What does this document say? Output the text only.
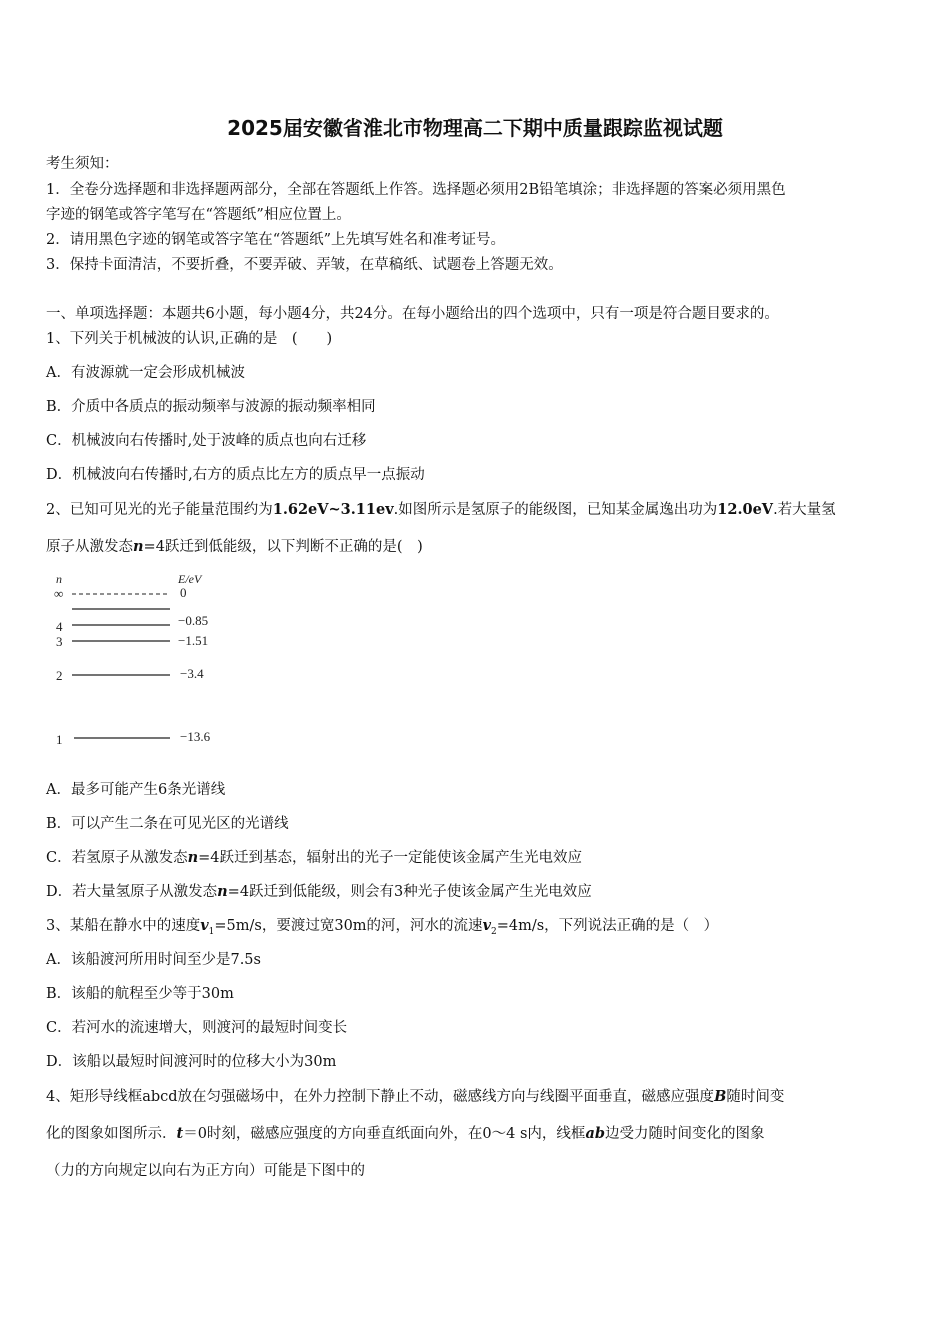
2025届安徽省淮北市物理高二下期中质量跟踪监视试题
考生须知：
1．全卷分选择题和非选择题两部分，全部在答题纸上作答。选择题必须用2B铅笔填涂；非选择题的答案必须用黑色
字迹的钢笔或答字笔写在“答题纸”相应位置上。
2．请用黑色字迹的钢笔或答字笔在“答题纸”上先填写姓名和准考证号。
3．保持卡面清洁，不要折叠，不要弄破、弄皱，在草稿纸、试题卷上答题无效。
一、单项选择题：本题共6小题，每小题4分，共24分。在每小题给出的四个选项中，只有一项是符合题目要求的。
1、下列关于机械波的认识,正确的是　(　　)
A．有波源就一定会形成机械波
B．介质中各质点的振动频率与波源的振动频率相同
C．机械波向右传播时,处于波峰的质点也向右迁移
D．机械波向右传播时,右方的质点比左方的质点早一点振动
2、已知可见光的光子能量范围约为1.62eV~3.11ev.如图所示是氢原子的能级图，已知某金属逸出功为12.0eV.若大量氢
原子从激发态n=4跃迁到低能级，以下判断不正确的是(　)
n	E/eV
∞	0
4	−0.85
3	−1.51
2	−3.4
1	−13.6
A．最多可能产生6条光谱线
B．可以产生二条在可见光区的光谱线
C．若氢原子从激发态n=4跃迁到基态，辐射出的光子一定能使该金属产生光电效应
D．若大量氢原子从激发态n=4跃迁到低能级，则会有3种光子使该金属产生光电效应
3、某船在静水中的速度$v_1=5m/s$，要渡过宽30m的河，河水的流速$v_2=4m/s$，下列说法正确的是（　）
A．该船渡河所用时间至少是7.5s
B．该船的航程至少等于30m
C．若河水的流速增大，则渡河的最短时间变长
D．该船以最短时间渡河时的位移大小为30m
4、矩形导线框abcd放在匀强磁场中，在外力控制下静止不动，磁感线方向与线圈平面垂直，磁感应强度B随时间变
化的图象如图所示．t＝0时刻，磁感应强度的方向垂直纸面向外，在0～4 s内，线框ab边受力随时间变化的图象
（力的方向规定以向右为正方向）可能是下图中的
